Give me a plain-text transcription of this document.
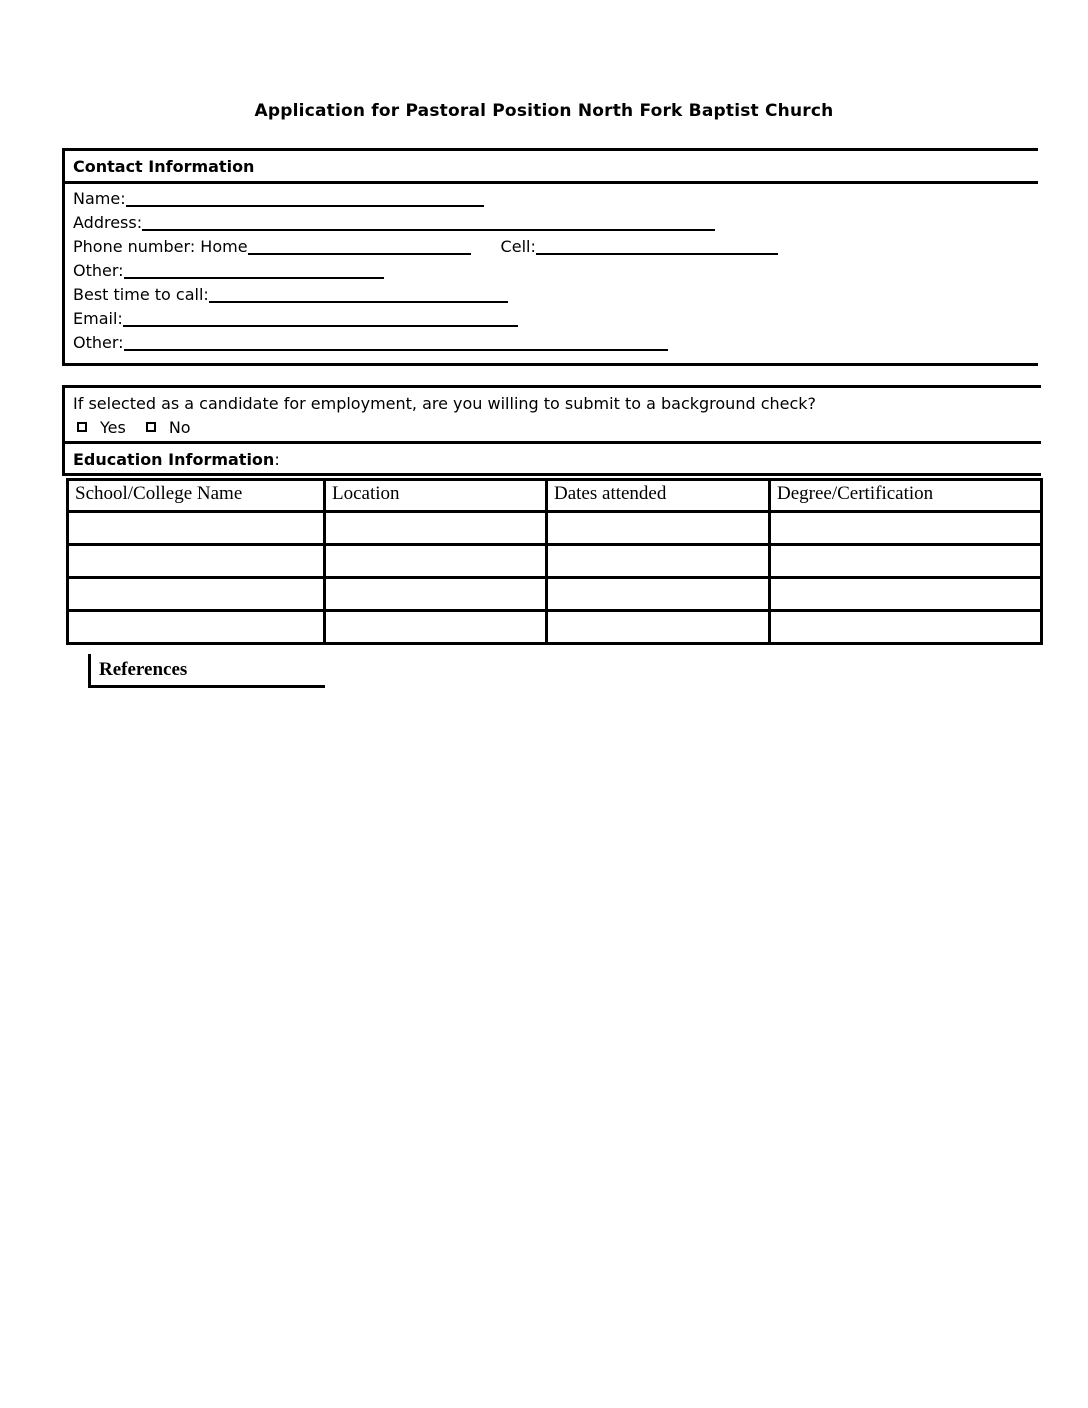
Application for Pastoral Position North Fork Baptist Church
Contact Information
Name:
Address:
Phone number: Home	Cell:
Other:
Best time to call:
Email:
Other:
If selected as a candidate for employment, are you willing to submit to a background check?
Yes	No
Education Information:
School/College Name	Location	Dates attended	Degree/Certification

References
